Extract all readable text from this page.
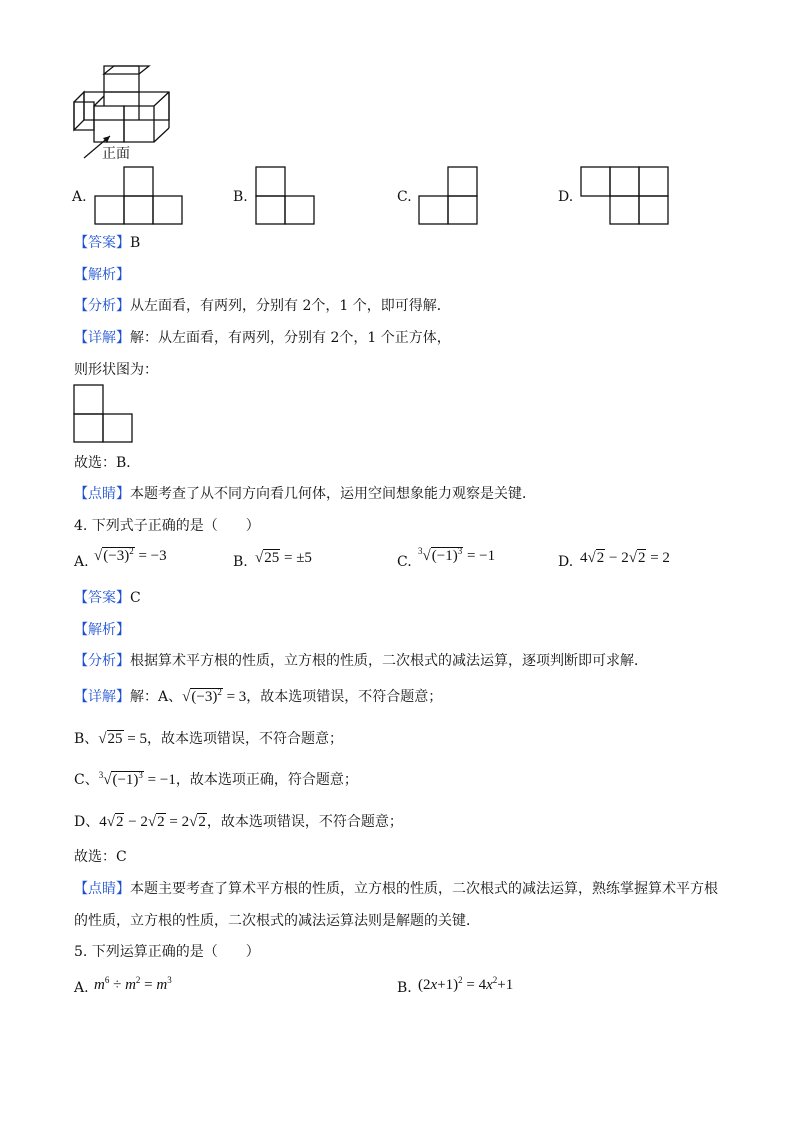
正面
A.	B.	C.	D.
【答案】B
【解析】
【分析】从左面看，有两列，分别有 2个，1 个，即可得解．
【详解】解：从左面看，有两列，分别有 2个，1 个正方体，
则形状图为：
故选：B．
【点睛】本题考查了从不同方向看几何体，运用空间想象能力观察是关键．
4. 下列式子正确的是（　　）
A. $√(-3)^2 = -3$	B. √25 = ±5	C.
$^3√(-1)^3 = -1$	D. 4√2 − 2√2 = 2
【答案】C
【解析】
【分析】根据算术平方根的性质，立方根的性质，二次根式的减法运算，逐项判断即可求解．
【详解】解：A、$√(-3)^2 = 3$，故本选项错误，不符合题意；
B、√25 = 5，故本选项错误，不符合题意；
C、$^3√(-1)^3 = -1$，故本选项正确，符合题意；
D、4√2 − 2√2 = 2√2，故本选项错误，不符合题意；
故选：C
【点睛】本题主要考查了算术平方根的性质，立方根的性质，二次根式的减法运算，熟练掌握算术平方根
的性质，立方根的性质，二次根式的减法运算法则是解题的关键．
5. 下列运算正确的是（　　）
A. $m^6 \div m^2 = m^3$	B. $(2x+1)^2 = 4x^2+1$
